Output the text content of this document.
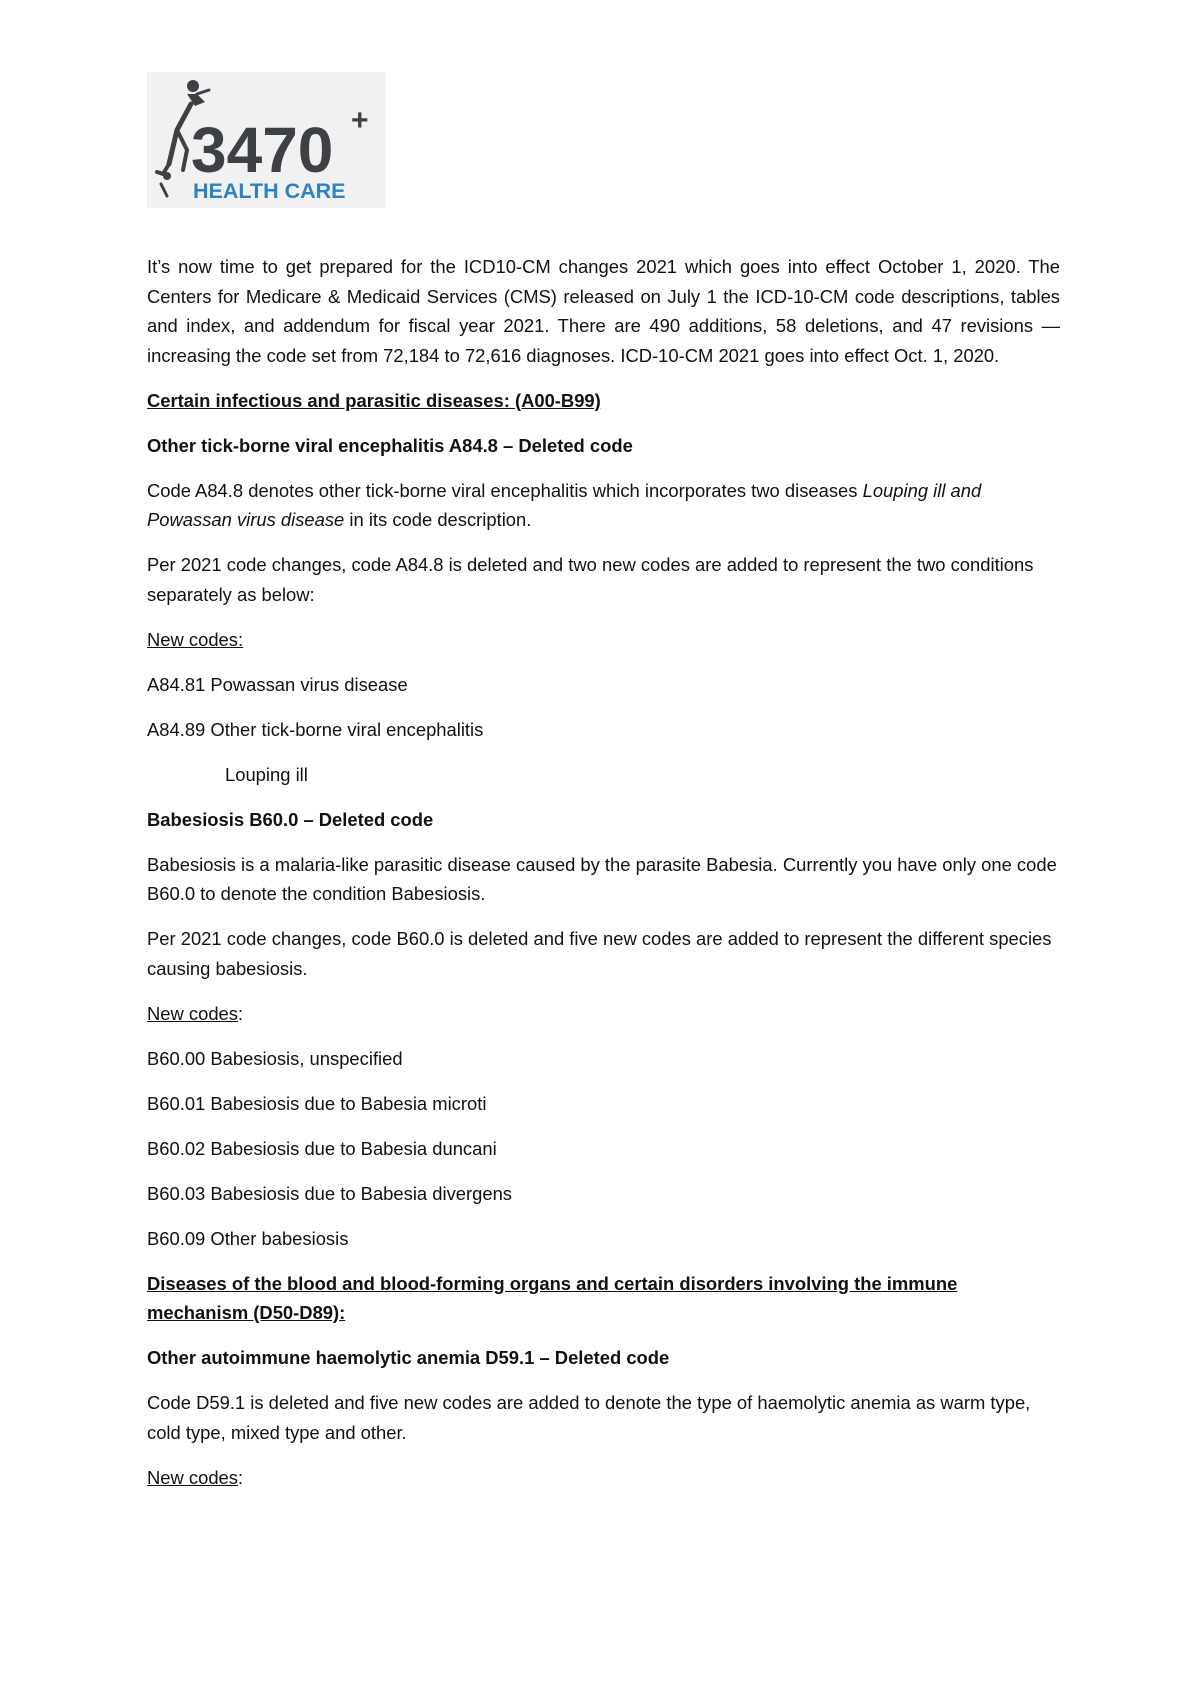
3470 +
HEALTH CARE

It’s now time to get prepared for the ICD10-CM changes 2021 which goes into effect October 1, 2020. The Centers for Medicare & Medicaid Services (CMS) released on July 1 the ICD-10-CM code descriptions, tables and index, and addendum for fiscal year 2021. There are 490 additions, 58 deletions, and 47 revisions — increasing the code set from 72,184 to 72,616 diagnoses. ICD-10-CM 2021 goes into effect Oct. 1, 2020.

Certain infectious and parasitic diseases: (A00-B99)

Other tick-borne viral encephalitis A84.8 – Deleted code

Code A84.8 denotes other tick-borne viral encephalitis which incorporates two diseases Louping ill and Powassan virus disease in its code description.

Per 2021 code changes, code A84.8 is deleted and two new codes are added to represent the two conditions separately as below:

New codes:

A84.81 Powassan virus disease

A84.89 Other tick-borne viral encephalitis

Louping ill

Babesiosis B60.0 – Deleted code

Babesiosis is a malaria-like parasitic disease caused by the parasite Babesia. Currently you have only one code B60.0 to denote the condition Babesiosis.

Per 2021 code changes, code B60.0 is deleted and five new codes are added to represent the different species causing babesiosis.

New codes:

B60.00 Babesiosis, unspecified

B60.01 Babesiosis due to Babesia microti

B60.02 Babesiosis due to Babesia duncani

B60.03 Babesiosis due to Babesia divergens

B60.09 Other babesiosis

Diseases of the blood and blood-forming organs and certain disorders involving the immune mechanism (D50-D89):

Other autoimmune haemolytic anemia D59.1 – Deleted code

Code D59.1 is deleted and five new codes are added to denote the type of haemolytic anemia as warm type, cold type, mixed type and other.

New codes:
